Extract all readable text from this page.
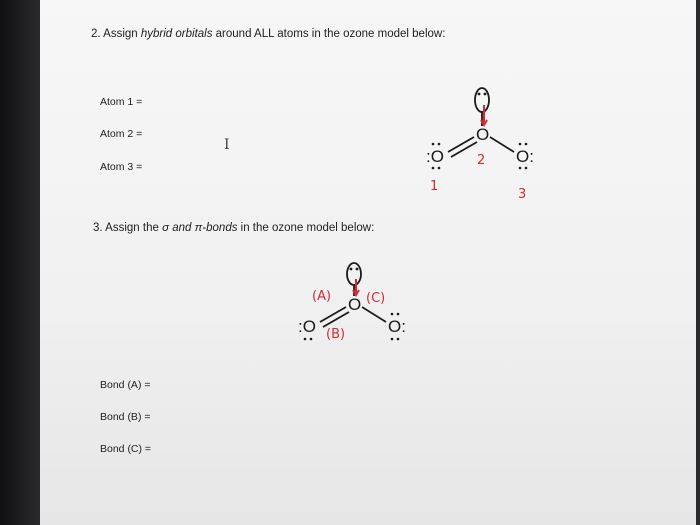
2. Assign hybrid orbitals around ALL atoms in the ozone model below:
Atom 1 =
Atom 2 =
Atom 3 =
I
O
:O	O:
1
2
3
3. Assign the σ and π-bonds in the ozone model below:
O
:O	O:
(A)
(B)
(C)
Bond (A) =
Bond (B) =
Bond (C) =
